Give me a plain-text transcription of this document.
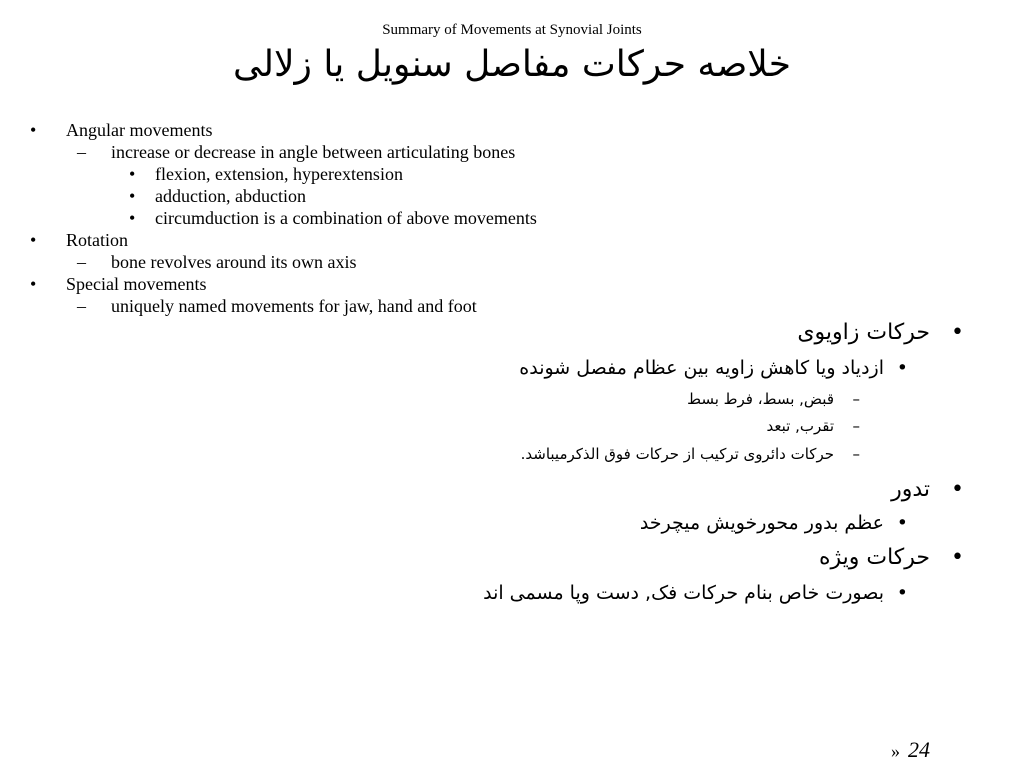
Summary of Movements at Synovial Joints
خلاصه حرکات مفاصل سنویل یا زلالی
• Angular movements
– increase or decrease in angle between articulating bones
• flexion, extension, hyperextension
• adduction, abduction
• circumduction is a combination of above movements
• Rotation
– bone revolves around its own axis
• Special movements
– uniquely named movements for jaw, hand and foot
•
حرکات زاویوی
•
ازدیاد ویا کاهش زاویه بین عظام مفصل شونده
–
قبض, بسط، فرط بسط
–
تقرب, تبعد
–
حرکات دائروی ترکیب از حرکات فوق الذکرمیباشد.
•
تدور
•
عظم بدور محورخویش میچرخد
•
حرکات ویژه
•
بصورت خاص بنام حرکات فک, دست وپا مسمی اند
» 24
